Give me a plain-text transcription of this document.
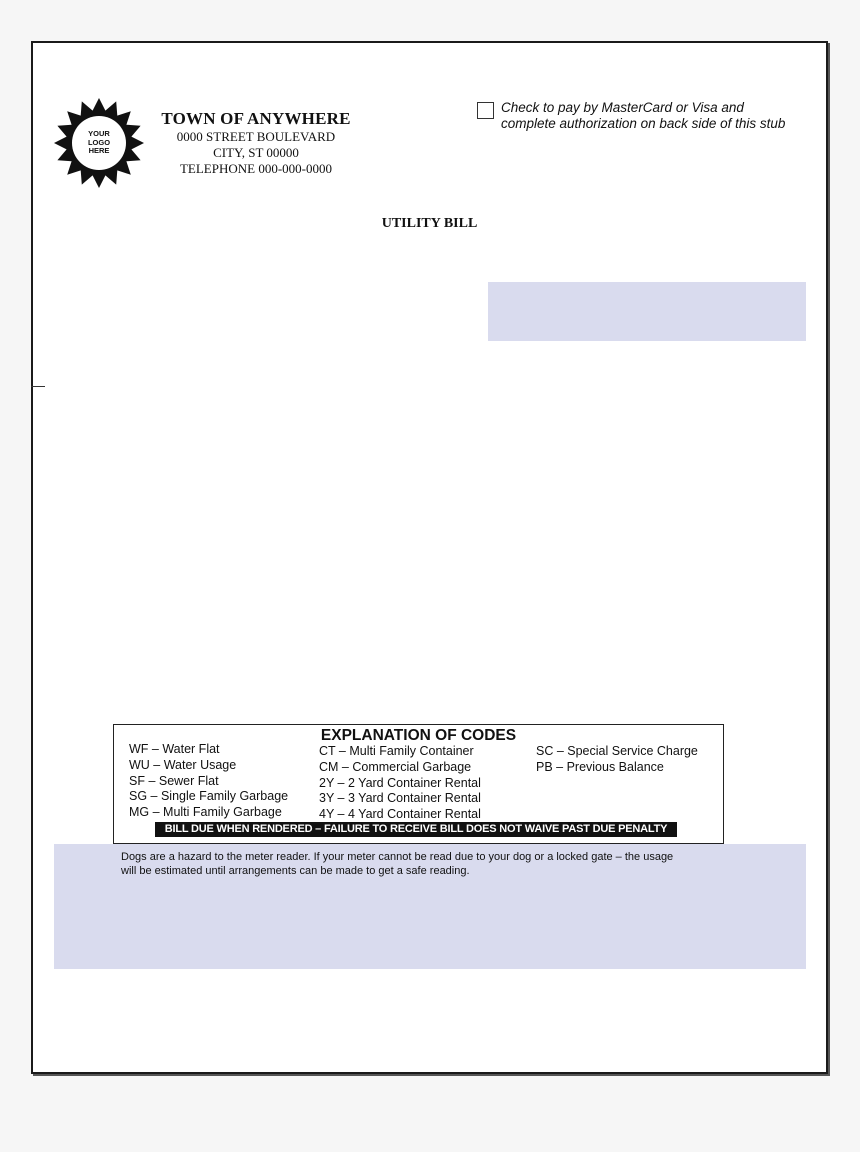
YOUR
LOGO
HERE
TOWN OF ANYWHERE
0000 STREET BOULEVARD
CITY, ST 00000
TELEPHONE 000-000-0000
Check to pay by MasterCard or Visa and
complete authorization on back side of this stub
UTILITY BILL
EXPLANATION OF CODES
WF – Water Flat
WU – Water Usage
SF – Sewer Flat
SG – Single Family Garbage
MG – Multi Family Garbage
CT – Multi Family Container
CM – Commercial Garbage
2Y – 2 Yard Container Rental
3Y – 3 Yard Container Rental
4Y – 4 Yard Container Rental
SC – Special Service Charge
PB – Previous Balance
BILL DUE WHEN RENDERED – FAILURE TO RECEIVE BILL DOES NOT WAIVE PAST DUE PENALTY
Dogs are a hazard to the meter reader. If your meter cannot be read due to your dog or a locked gate – the usage
will be estimated until arrangements can be made to get a safe reading.
